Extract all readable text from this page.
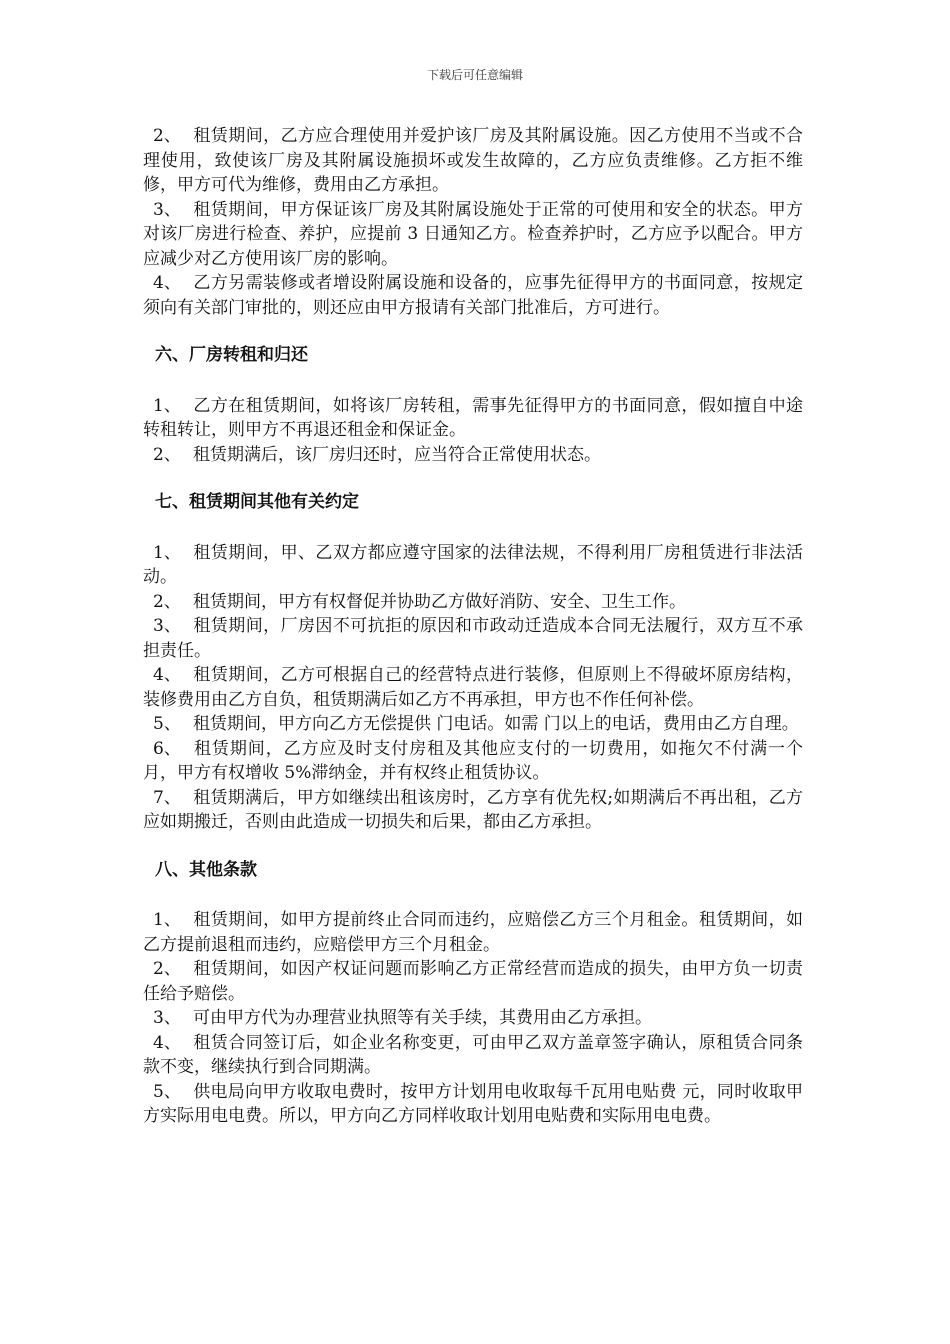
下载后可任意编辑

2、 租赁期间，乙方应合理使用并爱护该厂房及其附属设施。因乙方使用不当或不合理使用，致使该厂房及其附属设施损坏或发生故障的，乙方应负责维修。乙方拒不维修，甲方可代为维修，费用由乙方承担。

3、 租赁期间，甲方保证该厂房及其附属设施处于正常的可使用和安全的状态。甲方对该厂房进行检查、养护，应提前 3 日通知乙方。检查养护时，乙方应予以配合。甲方应减少对乙方使用该厂房的影响。

4、 乙方另需装修或者增设附属设施和设备的，应事先征得甲方的书面同意，按规定须向有关部门审批的，则还应由甲方报请有关部门批准后，方可进行。

六、厂房转租和归还

1、 乙方在租赁期间，如将该厂房转租，需事先征得甲方的书面同意，假如擅自中途转租转让，则甲方不再退还租金和保证金。

2、 租赁期满后，该厂房归还时，应当符合正常使用状态。

七、租赁期间其他有关约定

1、 租赁期间，甲、乙双方都应遵守国家的法律法规，不得利用厂房租赁进行非法活动。

2、 租赁期间，甲方有权督促并协助乙方做好消防、安全、卫生工作。

3、 租赁期间，厂房因不可抗拒的原因和市政动迁造成本合同无法履行，双方互不承担责任。

4、 租赁期间，乙方可根据自己的经营特点进行装修，但原则上不得破坏原房结构，装修费用由乙方自负，租赁期满后如乙方不再承担，甲方也不作任何补偿。

5、 租赁期间，甲方向乙方无偿提供 门电话。如需 门以上的电话，费用由乙方自理。

6、 租赁期间，乙方应及时支付房租及其他应支付的一切费用，如拖欠不付满一个月，甲方有权增收 5%滞纳金，并有权终止租赁协议。

7、 租赁期满后，甲方如继续出租该房时，乙方享有优先权;如期满后不再出租，乙方应如期搬迁，否则由此造成一切损失和后果，都由乙方承担。

八、其他条款

1、 租赁期间，如甲方提前终止合同而违约，应赔偿乙方三个月租金。租赁期间，如乙方提前退租而违约，应赔偿甲方三个月租金。

2、 租赁期间，如因产权证问题而影响乙方正常经营而造成的损失，由甲方负一切责任给予赔偿。

3、 可由甲方代为办理营业执照等有关手续，其费用由乙方承担。

4、 租赁合同签订后，如企业名称变更，可由甲乙双方盖章签字确认，原租赁合同条款不变，继续执行到合同期满。

5、 供电局向甲方收取电费时，按甲方计划用电收取每千瓦用电贴费 元，同时收取甲方实际用电电费。所以，甲方向乙方同样收取计划用电贴费和实际用电电费。
